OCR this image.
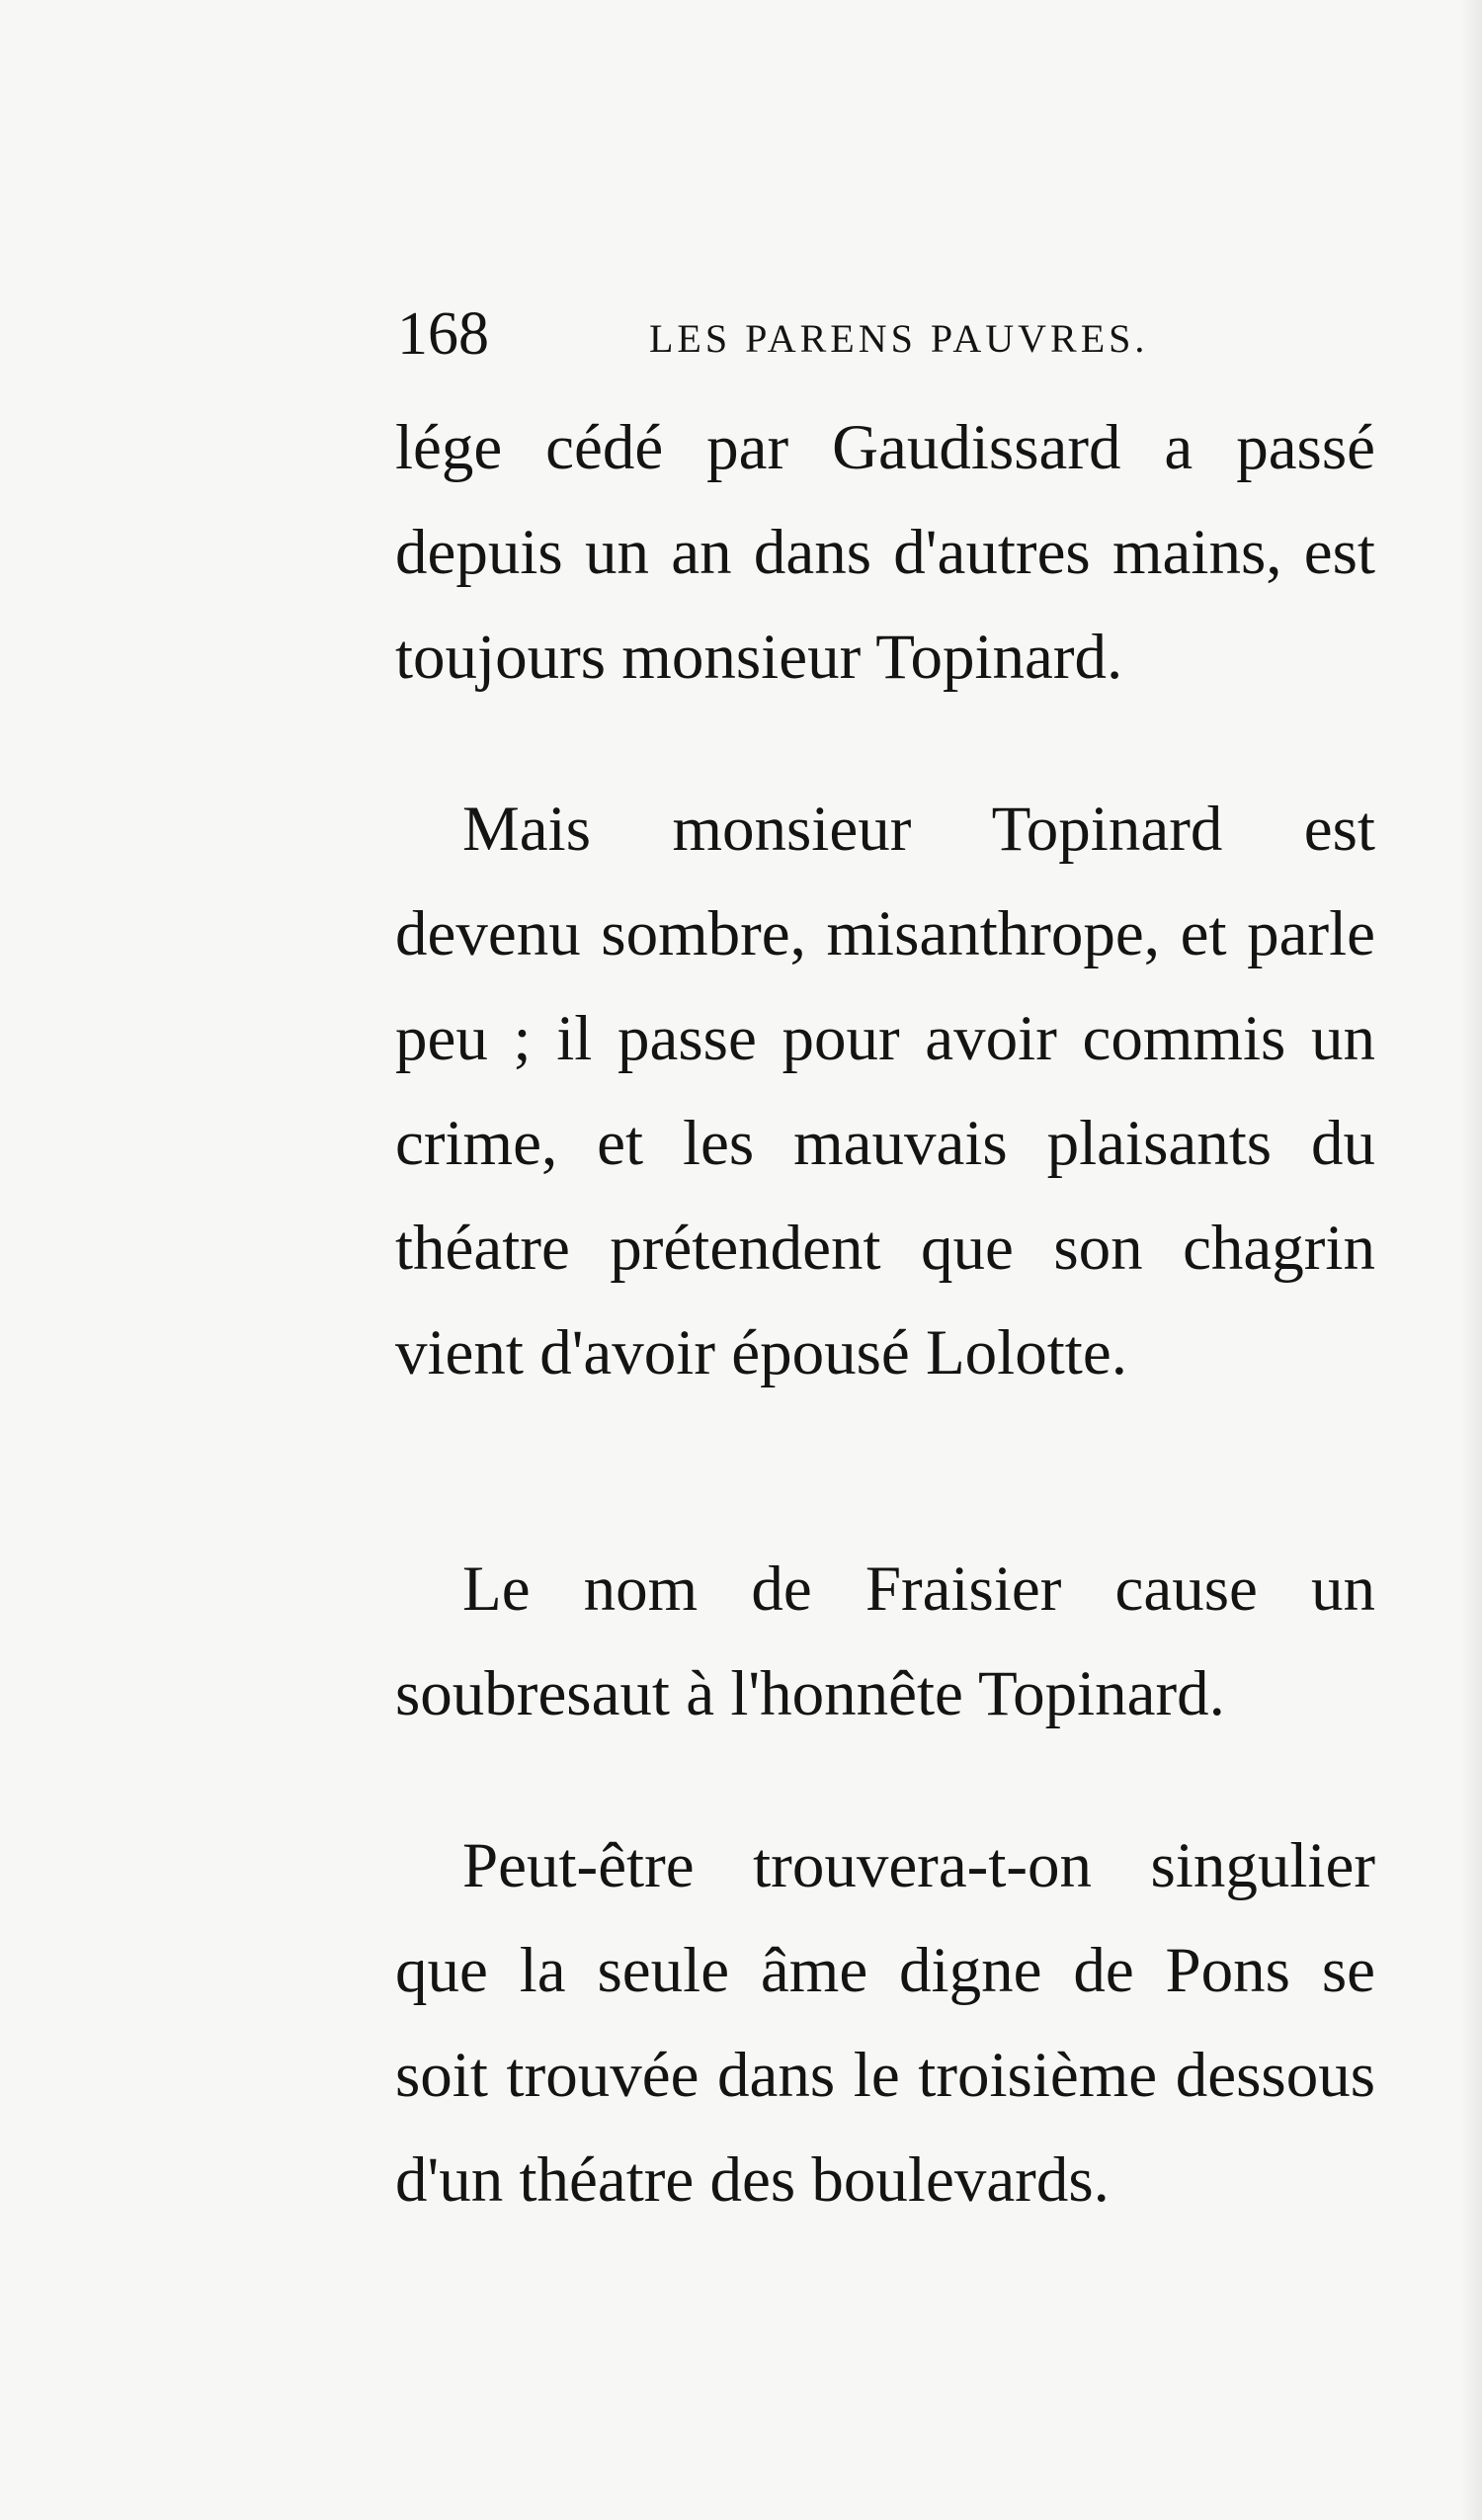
168	LES PARENS PAUVRES.

lége cédé par Gaudissard a passé depuis un an dans d'autres mains, est toujours monsieur Topinard.

Mais monsieur Topinard est devenu sombre, misanthrope, et parle peu ; il passe pour avoir commis un crime, et les mauvais plaisants du théatre prétendent que son chagrin vient d'avoir épousé Lolotte.

Le nom de Fraisier cause un soubresaut à l'honnête Topinard.

Peut-être trouvera-t-on singulier que la seule âme digne de Pons se soit trouvée dans le troisième dessous d'un théatre des boulevards.
